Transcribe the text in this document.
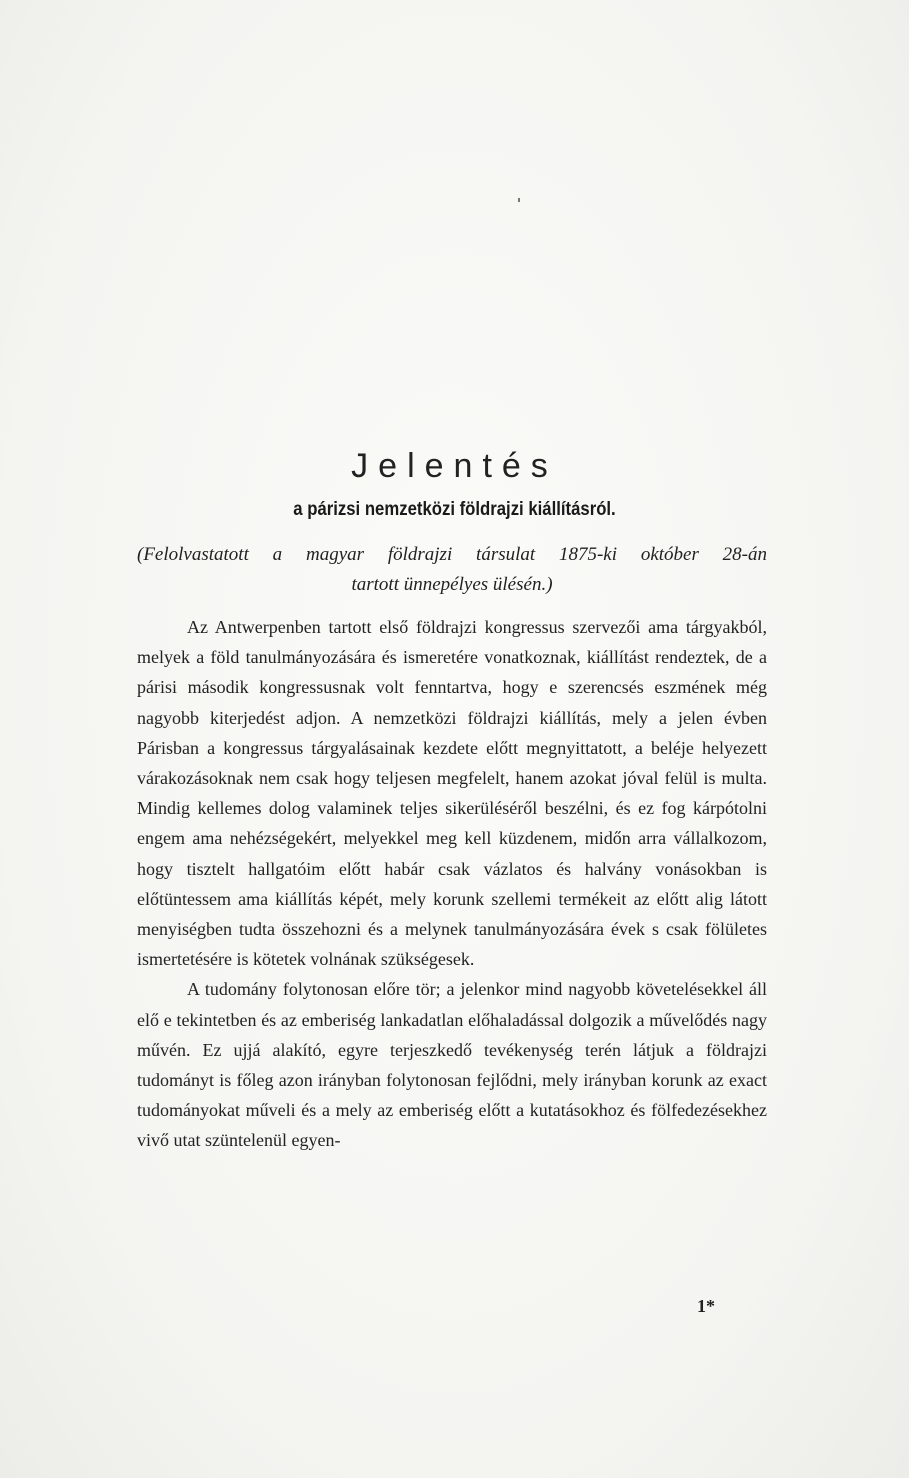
Jelentés
a párizsi nemzetközi földrajzi kiállításról.
(Felolvastatott a magyar földrajzi társulat 1875-ki október 28-án
tartott ünnepélyes ülésén.)

Az Antwerpenben tartott első földrajzi kongressus szervezői ama tárgyakból, melyek a föld tanulmányozására és ismeretére vonatkoznak, kiállítást rendeztek, de a párisi második kongressusnak volt fenntartva, hogy e szerencsés eszmének még nagyobb kiterjedést adjon. A nemzetközi földrajzi kiállítás, mely a jelen évben Párisban a kongressus tárgyalásainak kezdete előtt megnyittatott, a beléje helyezett várakozásoknak nem csak hogy teljesen megfelelt, hanem azokat jóval felül is multa. Mindig kellemes dolog valaminek teljes sikerüléséről beszélni, és ez fog kárpótolni engem ama nehézségekért, melyekkel meg kell küzdenem, midőn arra vállalkozom, hogy tisztelt hallgatóim előtt habár csak vázlatos és halvány vonásokban is előtüntessem ama kiállítás képét, mely korunk szellemi termékeit az előtt alig látott menyiségben tudta összehozni és a melynek tanulmányozására évek s csak fölületes ismertetésére is kötetek volnának szükségesek.

A tudomány folytonosan előre tör; a jelenkor mind nagyobb követelésekkel áll elő e tekintetben és az emberiség lankadatlan előhaladással dolgozik a művelődés nagy művén. Ez ujjá alakító, egyre terjeszkedő tevékenység terén látjuk a földrajzi tudományt is főleg azon irányban folytonosan fejlődni, mely irányban korunk az exact tudományokat műveli és a mely az emberiség előtt a kutatásokhoz és fölfedezésekhez vivő utat szüntelenül egyen-

1*
